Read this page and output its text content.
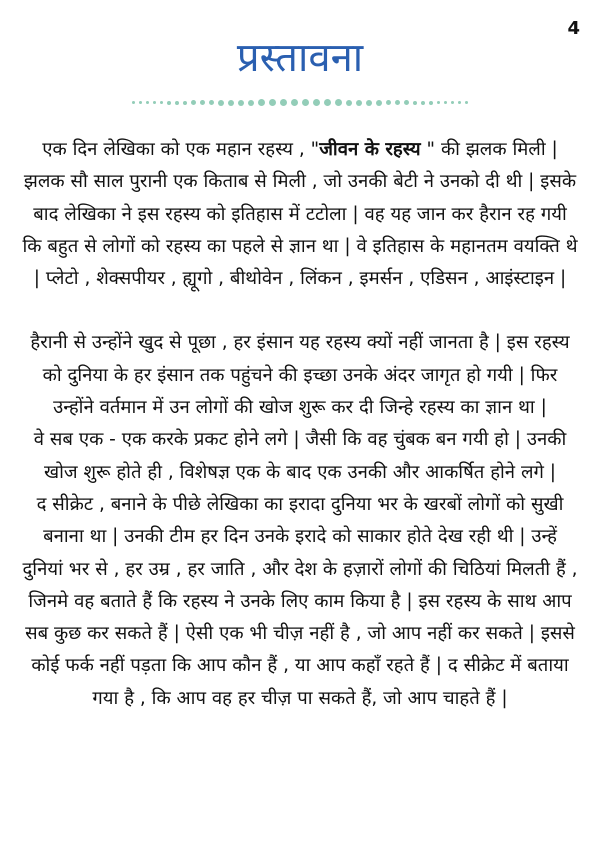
4
प्रस्तावना

एक दिन लेखिका को एक महान रहस्य , "जीवन के रहस्य " की झलक मिली | झलक सौ साल पुरानी एक किताब से मिली , जो उनकी बेटी ने उनको दी थी | इसके बाद लेखिका ने इस रहस्य को इतिहास में टटोला | वह यह जान कर हैरान रह गयी कि बहुत से लोगों को रहस्य का पहले से ज्ञान था | वे इतिहास के महानतम वयक्ति थे | प्लेटो , शेक्सपीयर , ह्यूगो , बीथोवेन , लिंकन , इमर्सन , एडिसन , आइंस्टाइन |

हैरानी से उन्होंने खुद से पूछा , हर इंसान यह रहस्य क्यों नहीं जानता है | इस रहस्य को दुनिया के हर इंसान तक पहुंचने की इच्छा उनके अंदर जागृत हो गयी | फिर उन्होंने वर्तमान में उन लोगों की खोज शुरू कर दी जिन्हे रहस्य का ज्ञान था |

वे सब एक - एक करके प्रकट होने लगे | जैसी कि वह चुंबक बन गयी हो | उनकी खोज शुरू होते ही , विशेषज्ञ एक के बाद एक उनकी और आकर्षित होने लगे |

द सीक्रेट , बनाने के पीछे लेखिका का इरादा दुनिया भर के खरबों लोगों को सुखी बनाना था | उनकी टीम हर दिन उनके इरादे को साकार होते देख रही थी | उन्हें दुनियां भर से , हर उम्र , हर जाति , और देश के हज़ारों लोगों की चिठियां मिलती हैं , जिनमे वह बताते हैं कि रहस्य ने उनके लिए काम किया है | इस रहस्य के साथ आप सब कुछ कर सकते हैं | ऐसी एक भी चीज़ नहीं है , जो आप नहीं कर सकते | इससे कोई फर्क नहीं पड़ता कि आप कौन हैं , या आप कहाँ रहते हैं | द सीक्रेट में बताया गया है , कि आप वह हर चीज़ पा सकते हैं, जो आप चाहते हैं |
